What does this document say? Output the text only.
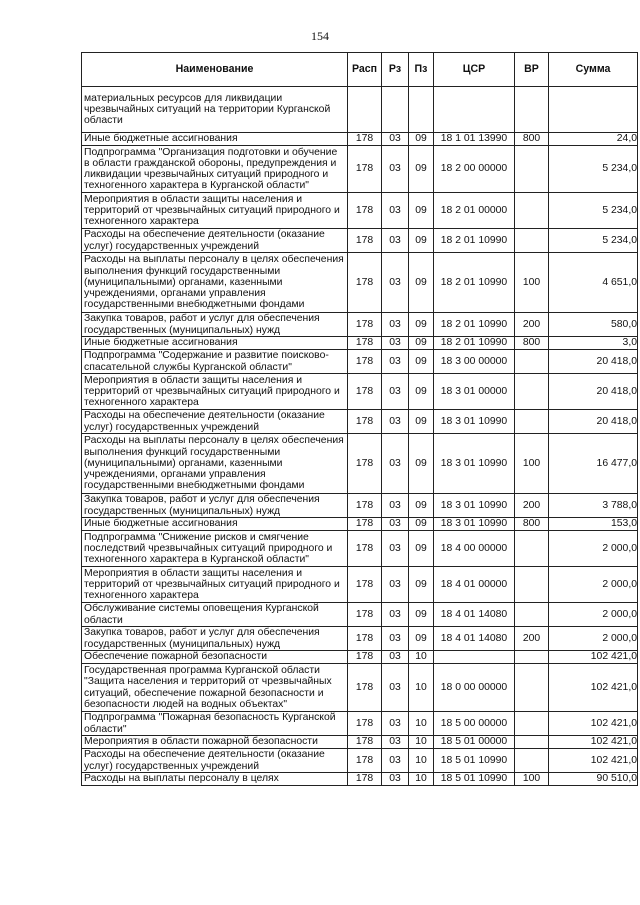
154
Наименование	Расп	Рз	Пз	ЦСР	ВР	Сумма
материальных ресурсов для ликвидации чрезвычайных ситуаций на территории Курганской области						
Иные бюджетные ассигнования	178	03	09	18 1 01 13990	800	24,0
Подпрограмма "Организация подготовки и обучение в области гражданской обороны, предупреждения и ликвидации чрезвычайных ситуаций природного и техногенного характера в Курганской области"	178	03	09	18 2 00 00000		5 234,0
Мероприятия в области защиты населения и территорий от чрезвычайных ситуаций природного и техногенного характера	178	03	09	18 2 01 00000		5 234,0
Расходы на обеспечение деятельности (оказание услуг) государственных учреждений	178	03	09	18 2 01 10990		5 234,0
Расходы на выплаты персоналу в целях обеспечения выполнения функций государственными (муниципальными) органами, казенными учреждениями, органами управления государственными внебюджетными фондами	178	03	09	18 2 01 10990	100	4 651,0
Закупка товаров, работ и услуг для обеспечения государственных (муниципальных) нужд	178	03	09	18 2 01 10990	200	580,0
Иные бюджетные ассигнования	178	03	09	18 2 01 10990	800	3,0
Подпрограмма "Содержание и развитие поисково-спасательной службы Курганской области"	178	03	09	18 3 00 00000		20 418,0
Мероприятия в области защиты населения и территорий от чрезвычайных ситуаций природного и техногенного характера	178	03	09	18 3 01 00000		20 418,0
Расходы на обеспечение деятельности (оказание услуг) государственных учреждений	178	03	09	18 3 01 10990		20 418,0
Расходы на выплаты персоналу в целях обеспечения выполнения функций государственными (муниципальными) органами, казенными учреждениями, органами управления государственными внебюджетными фондами	178	03	09	18 3 01 10990	100	16 477,0
Закупка товаров, работ и услуг для обеспечения государственных (муниципальных) нужд	178	03	09	18 3 01 10990	200	3 788,0
Иные бюджетные ассигнования	178	03	09	18 3 01 10990	800	153,0
Подпрограмма "Снижение рисков и смягчение последствий чрезвычайных ситуаций природного и техногенного характера в Курганской области"	178	03	09	18 4 00 00000		2 000,0
Мероприятия в области защиты населения и территорий от чрезвычайных ситуаций природного и техногенного характера	178	03	09	18 4 01 00000		2 000,0
Обслуживание системы оповещения Курганской области	178	03	09	18 4 01 14080		2 000,0
Закупка товаров, работ и услуг для обеспечения государственных (муниципальных) нужд	178	03	09	18 4 01 14080	200	2 000,0
Обеспечение пожарной безопасности	178	03	10			102 421,0
Государственная программа Курганской области "Защита населения и территорий от чрезвычайных ситуаций, обеспечение пожарной безопасности и безопасности людей на водных объектах"	178	03	10	18 0 00 00000		102 421,0
Подпрограмма "Пожарная безопасность Курганской области"	178	03	10	18 5 00 00000		102 421,0
Мероприятия в области пожарной безопасности	178	03	10	18 5 01 00000		102 421,0
Расходы на обеспечение деятельности (оказание услуг) государственных учреждений	178	03	10	18 5 01 10990		102 421,0
Расходы на выплаты персоналу в целях	178	03	10	18 5 01 10990	100	90 510,0
